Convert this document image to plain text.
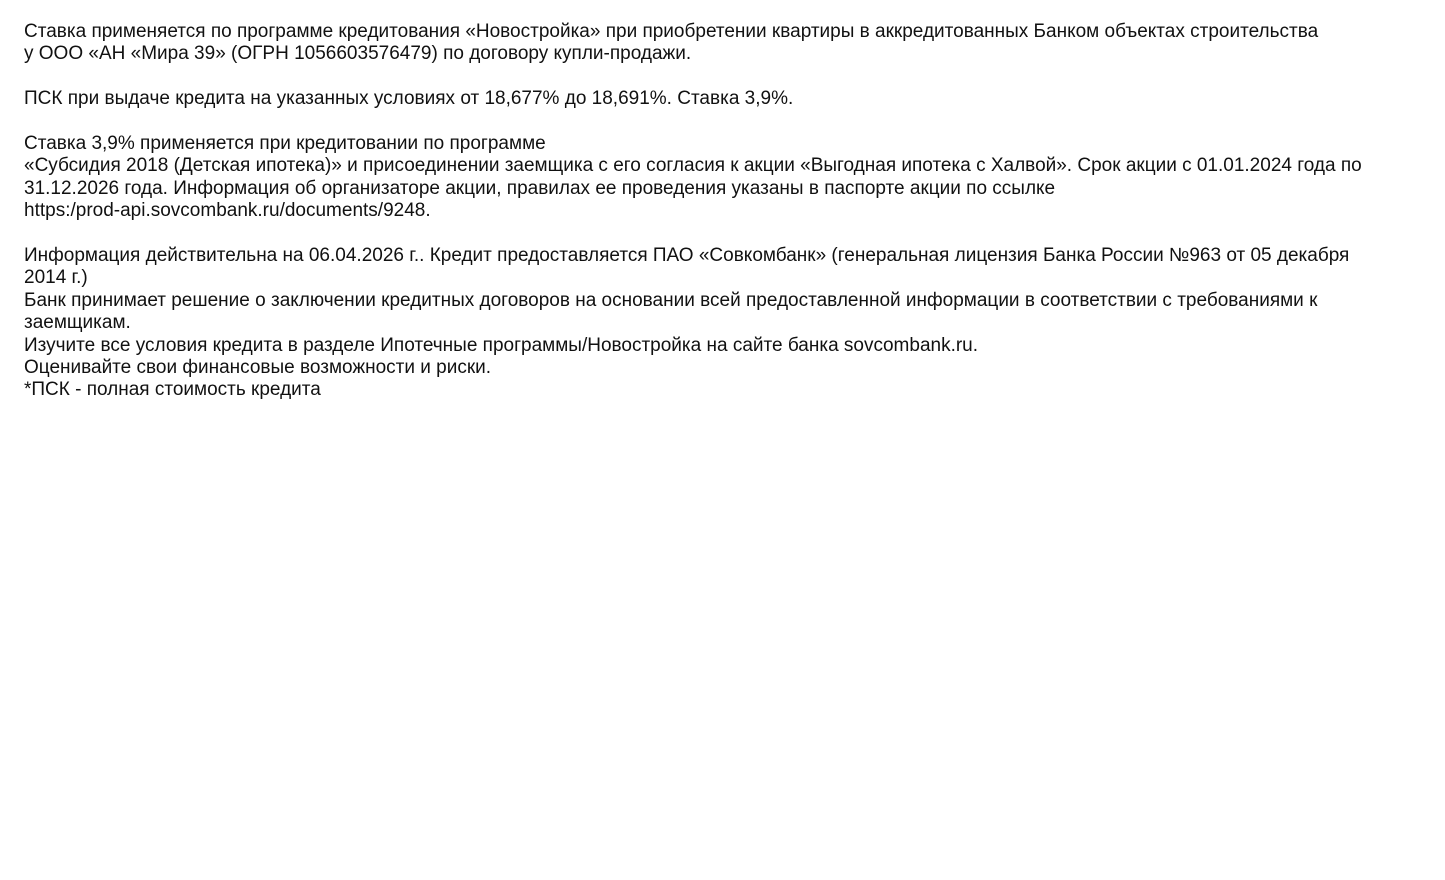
Ставка применяется по программе кредитования «Новостройка» при приобретении квартиры в аккредитованных Банком объектах строительства
у ООО «АН «Мира 39» (ОГРН 1056603576479) по договору купли-продажи.
ПСК при выдаче кредита на указанных условиях от 18,677% до 18,691%. Ставка 3,9%.
Ставка 3,9% применяется при кредитовании по программе
«Субсидия 2018 (Детская ипотека)» и присоединении заемщика с его согласия к акции «Выгодная ипотека с Халвой». Срок акции с 01.01.2024 года по
31.12.2026 года. Информация об организаторе акции, правилах ее проведения указаны в паспорте акции по ссылке
https:/prod-api.sovcombank.ru/documents/9248.
Информация действительна на 06.04.2026 г.. Кредит предоставляется ПАО «Совкомбанк» (генеральная лицензия Банка России №963 от 05 декабря
2014 г.)
Банк принимает решение о заключении кредитных договоров на основании всей предоставленной информации в соответствии с требованиями к
заемщикам.
Изучите все условия кредита в разделе Ипотечные программы/Новостройка на сайте банка sovcombank.ru.
Оценивайте свои финансовые возможности и риски.
*ПСК - полная стоимость кредита
